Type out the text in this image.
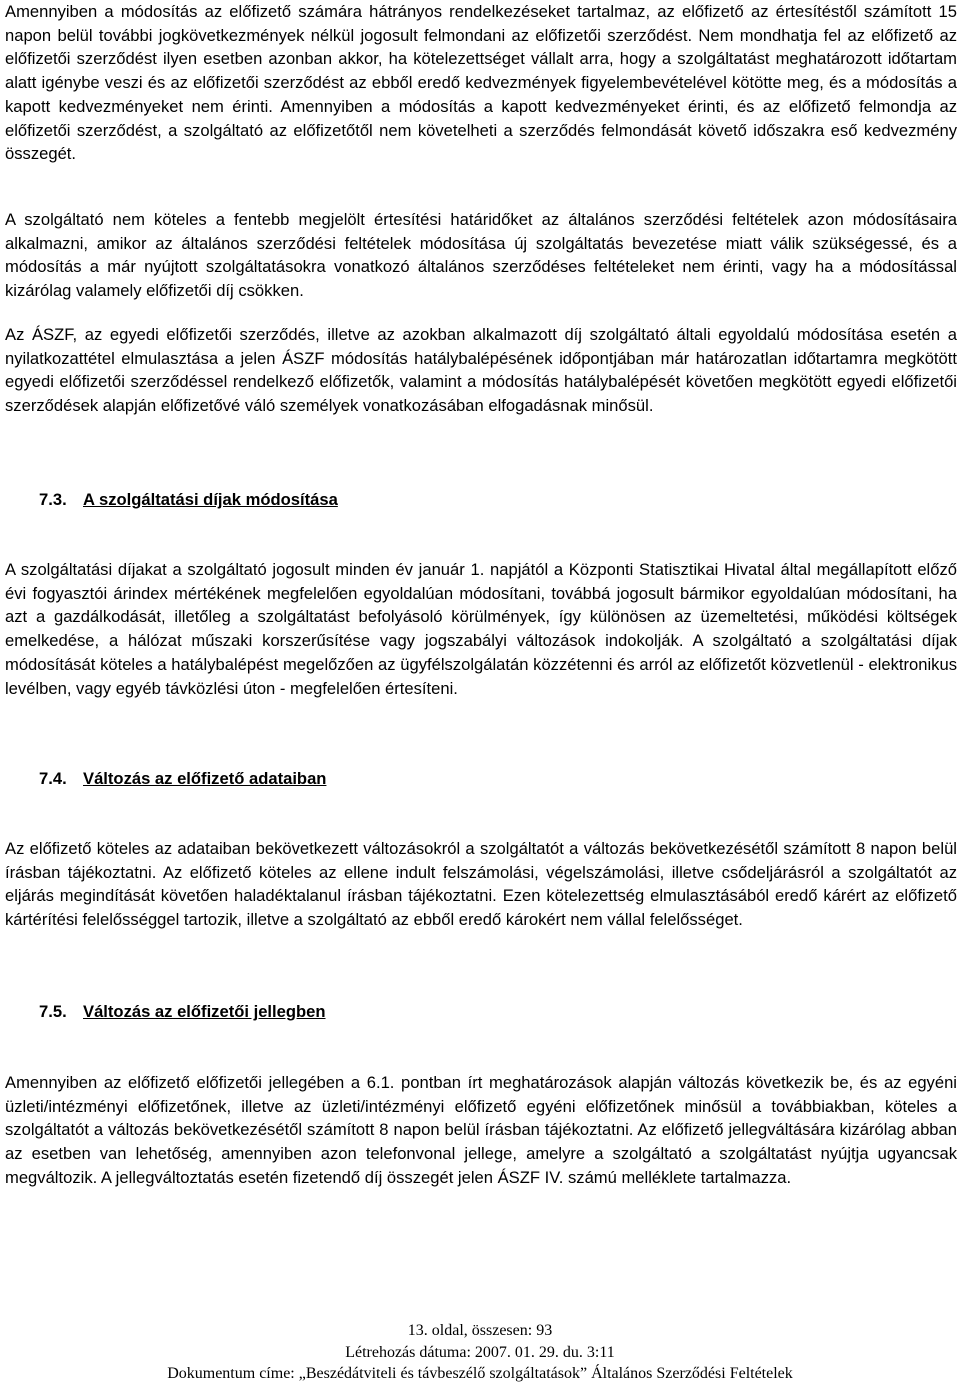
Amennyiben a módosítás az előfizető számára hátrányos rendelkezéseket tartalmaz, az előfizető az értesítéstől számított 15 napon belül további jogkövetkezmények nélkül jogosult felmondani az előfizetői szerződést. Nem mondhatja fel az előfizető az előfizetői szerződést ilyen esetben azonban akkor, ha kötelezettséget vállalt arra, hogy a szolgáltatást meghatározott időtartam alatt igénybe veszi és az előfizetői szerződést az ebből eredő kedvezmények figyelembevételével kötötte meg, és a módosítás a kapott kedvezményeket nem érinti. Amennyiben a módosítás a kapott kedvezményeket érinti, és az előfizető felmondja az előfizetői szerződést, a szolgáltató az előfizetőtől nem követelheti a szerződés felmondását követő időszakra eső kedvezmény összegét.

A szolgáltató nem köteles a fentebb megjelölt értesítési határidőket az általános szerződési feltételek azon módosításaira alkalmazni, amikor az általános szerződési feltételek módosítása új szolgáltatás bevezetése miatt válik szükségessé, és a módosítás a már nyújtott szolgáltatásokra vonatkozó általános szerződéses feltételeket nem érinti, vagy ha a módosítással kizárólag valamely előfizetői díj csökken.

Az ÁSZF, az egyedi előfizetői szerződés, illetve az azokban alkalmazott díj szolgáltató általi egyoldalú módosítása esetén a nyilatkozattétel elmulasztása a jelen ÁSZF módosítás hatálybalépésének időpontjában már határozatlan időtartamra megkötött egyedi előfizetői szerződéssel rendelkező előfizetők, valamint a módosítás hatálybalépését követően megkötött egyedi előfizetői szerződések alapján előfizetővé váló személyek vonatkozásában elfogadásnak minősül.

7.3. A szolgáltatási díjak módosítása

A szolgáltatási díjakat a szolgáltató jogosult minden év január 1. napjától a Központi Statisztikai Hivatal által megállapított előző évi fogyasztói árindex mértékének megfelelően egyoldalúan módosítani, továbbá jogosult bármikor egyoldalúan módosítani, ha azt a gazdálkodását, illetőleg a szolgáltatást befolyásoló körülmények, így különösen az üzemeltetési, működési költségek emelkedése, a hálózat műszaki korszerűsítése vagy jogszabályi változások indokolják. A szolgáltató a szolgáltatási díjak módosítását köteles a hatálybalépést megelőzően az ügyfélszolgálatán közzétenni és arról az előfizetőt közvetlenül - elektronikus levélben, vagy egyéb távközlési úton - megfelelően értesíteni.

7.4. Változás az előfizető adataiban

Az előfizető köteles az adataiban bekövetkezett változásokról a szolgáltatót a változás bekövetkezésétől számított 8 napon belül írásban tájékoztatni. Az előfizető köteles az ellene indult felszámolási, végelszámolási, illetve csődeljárásról a szolgáltatót az eljárás megindítását követően haladéktalanul írásban tájékoztatni. Ezen kötelezettség elmulasztásából eredő kárért az előfizető kártérítési felelősséggel tartozik, illetve a szolgáltató az ebből eredő károkért nem vállal felelősséget.

7.5. Változás az előfizetői jellegben

Amennyiben az előfizető előfizetői jellegében a 6.1. pontban írt meghatározások alapján változás következik be, és az egyéni üzleti/intézményi előfizetőnek, illetve az üzleti/intézményi előfizető egyéni előfizetőnek minősül a továbbiakban, köteles a szolgáltatót a változás bekövetkezésétől számított 8 napon belül írásban tájékoztatni. Az előfizető jellegváltására kizárólag abban az esetben van lehetőség, amennyiben azon telefonvonal jellege, amelyre a szolgáltató a szolgáltatást nyújtja ugyancsak megváltozik. A jellegváltoztatás esetén fizetendő díj összegét jelen ÁSZF IV. számú melléklete tartalmazza.

13. oldal, összesen: 93
Létrehozás dátuma: 2007. 01. 29. du. 3:11
Dokumentum címe: „Beszédátviteli és távbeszélő szolgáltatások” Általános Szerződési Feltételek
